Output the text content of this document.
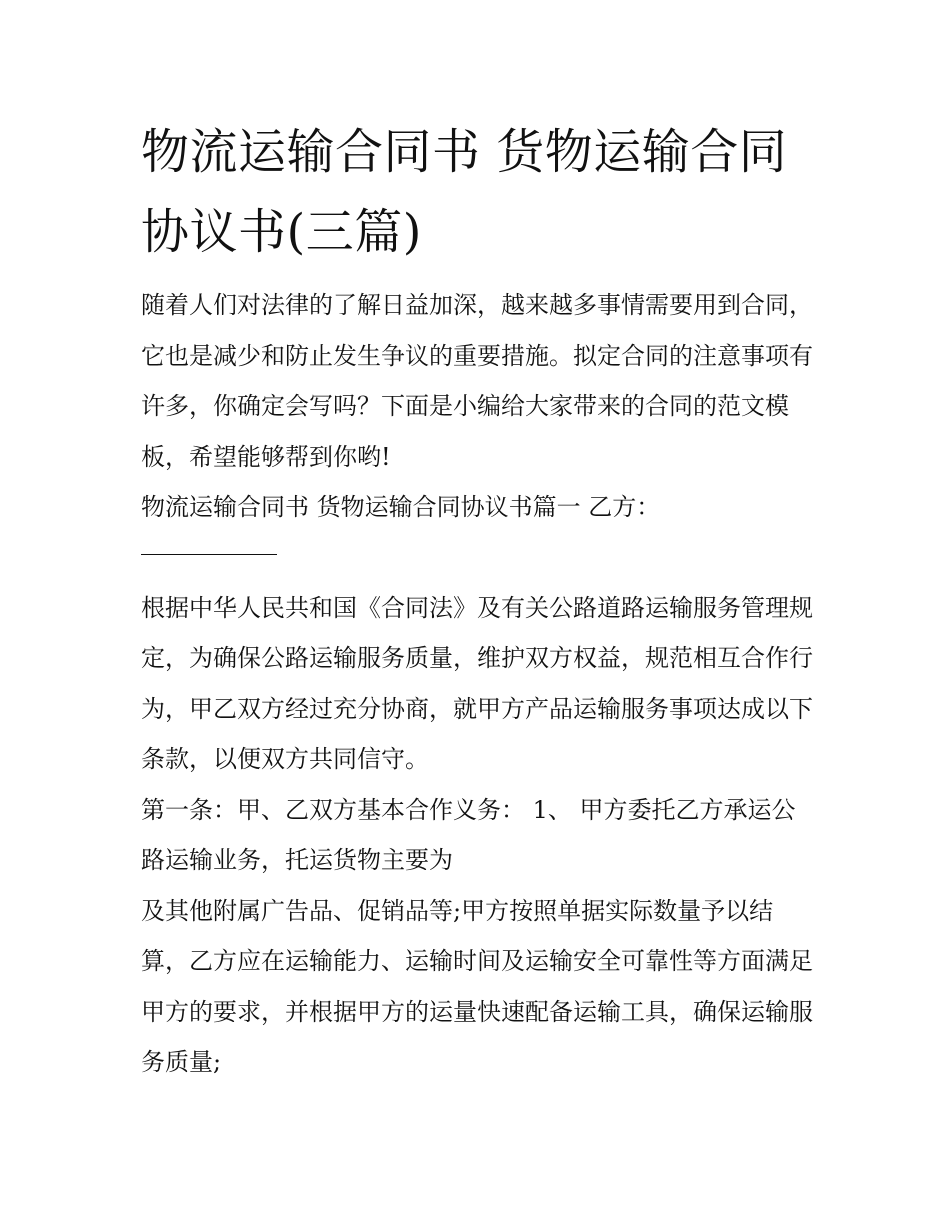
物流运输合同书 货物运输合同协议书(三篇)

随着人们对法律的了解日益加深，越来越多事情需要用到合同，它也是减少和防止发生争议的重要措施。拟定合同的注意事项有许多，你确定会写吗？下面是小编给大家带来的合同的范文模板，希望能够帮到你哟!

物流运输合同书 货物运输合同协议书篇一 乙方：

根据中华人民共和国《合同法》及有关公路道路运输服务管理规定，为确保公路运输服务质量，维护双方权益，规范相互合作行为，甲乙双方经过充分协商，就甲方产品运输服务事项达成以下条款，以便双方共同信守。

第一条：甲、乙双方基本合作义务： 1、 甲方委托乙方承运公路运输业务，托运货物主要为

及其他附属广告品、促销品等;甲方按照单据实际数量予以结算，乙方应在运输能力、运输时间及运输安全可靠性等方面满足甲方的要求，并根据甲方的运量快速配备运输工具，确保运输服务质量;
